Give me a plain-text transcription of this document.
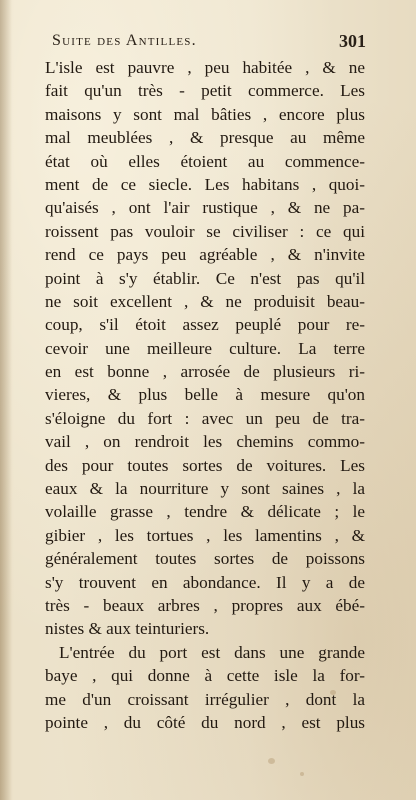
Suite des Antilles.	301
L'isle est pauvre , peu habitée , & ne
fait qu'un très - petit commerce. Les
maisons y sont mal bâties , encore plus
mal meublées , & presque au même
état où elles étoient au commence-
ment de ce siecle. Les habitans , quoi-
qu'aisés , ont l'air rustique , & ne pa-
roissent pas vouloir se civiliser : ce qui
rend ce pays peu agréable , & n'invite
point à s'y établir. Ce n'est pas qu'il
ne soit excellent , & ne produisit beau-
coup, s'il étoit assez peuplé pour re-
cevoir une meilleure culture. La terre
en est bonne , arrosée de plusieurs ri-
vieres, & plus belle à mesure qu'on
s'éloigne du fort : avec un peu de tra-
vail , on rendroit les chemins commo-
des pour toutes sortes de voitures. Les
eaux & la nourriture y sont saines , la
volaille grasse , tendre & délicate ; le
gibier , les tortues , les lamentins , &
généralement toutes sortes de poissons
s'y trouvent en abondance. Il y a de
très - beaux arbres , propres aux ébé-
nistes & aux teinturiers.
L'entrée du port est dans une grande
baye , qui donne à cette isle la for-
me d'un croissant irrégulier , dont la
pointe , du côté du nord , est plus
